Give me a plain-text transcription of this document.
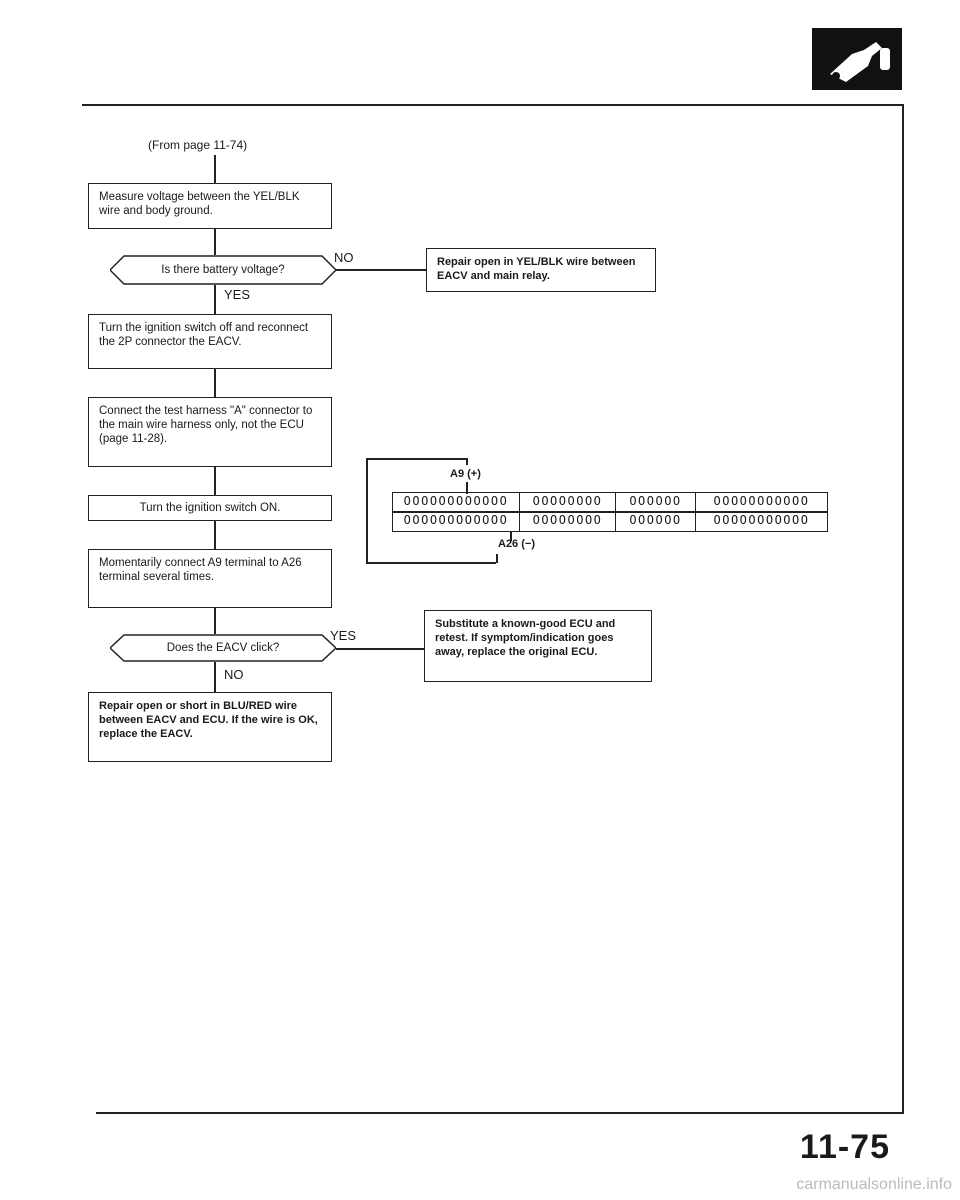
(From page 11-74)
Measure voltage between the YEL/BLK wire and body ground.
Is there battery voltage?
NO
YES
Repair open in YEL/BLK wire between EACV and main relay.
Turn the ignition switch off and reconnect the 2P connector the EACV.
Connect the test harness "A" connector to the main wire harness only, not the ECU (page 11-28).
Turn the ignition switch ON.
Momentarily connect A9 terminal to A26 terminal several times.
Does the EACV click?
YES
NO
Substitute a known-good ECU and retest. If symptom/indication goes away, replace the original ECU.
Repair open or short in BLU/RED wire between EACV and ECU. If the wire is OK, replace the EACV.
A9 (+)
OOOOOOOOOOOO	OOOOOOOO	OOOOOO	OOOOOOOOOOO
OOOOOOOOOOOO	OOOOOOOO	OOOOOO	OOOOOOOOOOO
A26 (−)
11-75
carmanualsonline.info
